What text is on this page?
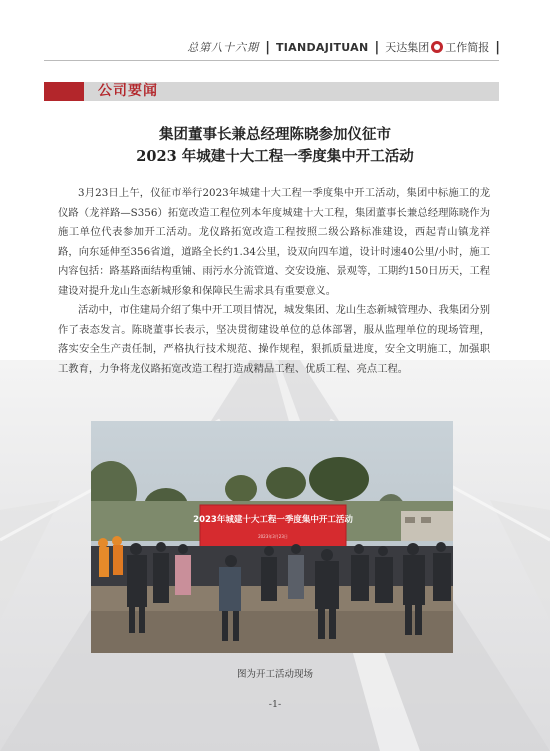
总第八十六期 | TIANDAJITUAN | 天达集团 工作简报 |
公司要闻
集团董事长兼总经理陈晓参加仪征市
2023 年城建十大工程一季度集中开工活动

3月23日上午，仪征市举行2023年城建十大工程一季度集中开工活动，集团中标施工的龙仪路（龙祥路—S356）拓宽改造工程位列本年度城建十大工程，集团董事长兼总经理陈晓作为施工单位代表参加开工活动。龙仪路拓宽改造工程按照二级公路标准建设，西起青山镇龙祥路，向东延伸至356省道，道路全长约1.34公里，设双向四车道，设计时速40公里/小时，施工内容包括：路基路面结构重铺、雨污水分流管道、交安设施、景观等，工期约150日历天，工程建设对提升龙山生态新城形象和保障民生需求具有重要意义。

活动中，市住建局介绍了集中开工项目情况，城发集团、龙山生态新城管理办、我集团分别作了表态发言。陈晓董事长表示，坚决贯彻建设单位的总体部署，服从监理单位的现场管理，落实安全生产责任制，严格执行技术规范、操作规程，狠抓质量进度，安全文明施工，加强职工教育，力争将龙仪路拓宽改造工程打造成精品工程、优质工程、亮点工程。

2023年城建十大工程一季度集中开工活动
2023年3月23日
图为开工活动现场
-1-
